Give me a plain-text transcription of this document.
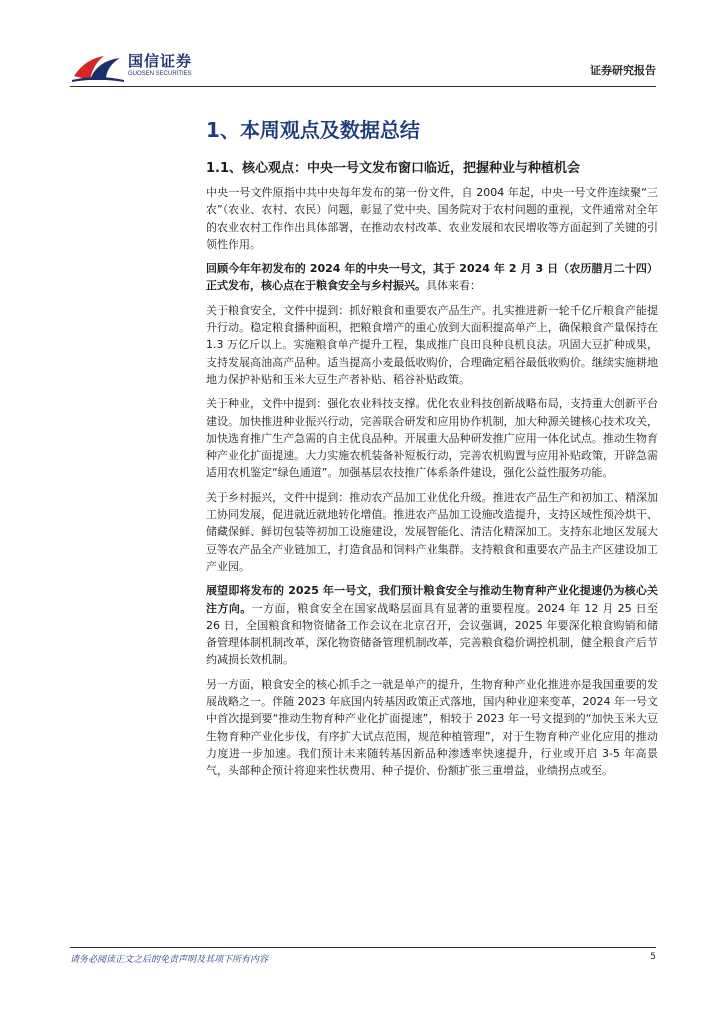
国信证券
GUOSEN SECURITIES	证券研究报告
1、本周观点及数据总结
1.1、核心观点：中央一号文发布窗口临近，把握种业与种植机会

中央一号文件原指中共中央每年发布的第一份文件，自 2004 年起，中央一号文件连续聚“三农”（农业、农村、农民）问题，彰显了党中央、国务院对于农村问题的重视，文件通常对全年的农业农村工作作出具体部署，在推动农村改革、农业发展和农民增收等方面起到了关键的引领性作用。

回顾今年年初发布的 2024 年的中央一号文，其于 2024 年 2 月 3 日（农历腊月二十四）正式发布，核心点在于粮食安全与乡村振兴。具体来看：

关于粮食安全，文件中提到：抓好粮食和重要农产品生产。扎实推进新一轮千亿斤粮食产能提升行动。稳定粮食播种面积，把粮食增产的重心放到大面积提高单产上，确保粮食产量保持在 1.3 万亿斤以上。实施粮食单产提升工程，集成推广良田良种良机良法。巩固大豆扩种成果，支持发展高油高产品种。适当提高小麦最低收购价，合理确定稻谷最低收购价。继续实施耕地地力保护补贴和玉米大豆生产者补贴、稻谷补贴政策。

关于种业，文件中提到：强化农业科技支撑。优化农业科技创新战略布局，支持重大创新平台建设。加快推进种业振兴行动，完善联合研发和应用协作机制，加大种源关键核心技术攻关，加快选育推广生产急需的自主优良品种。开展重大品种研发推广应用一体化试点。推动生物育种产业化扩面提速。大力实施农机装备补短板行动，完善农机购置与应用补贴政策，开辟急需适用农机鉴定“绿色通道”。加强基层农技推广体系条件建设，强化公益性服务功能。

关于乡村振兴，文件中提到：推动农产品加工业优化升级。推进农产品生产和初加工、精深加工协同发展，促进就近就地转化增值。推进农产品加工设施改造提升，支持区域性预冷烘干、储藏保鲜、鲜切包装等初加工设施建设，发展智能化、清洁化精深加工。支持东北地区发展大豆等农产品全产业链加工，打造食品和饲料产业集群。支持粮食和重要农产品主产区建设加工产业园。

展望即将发布的 2025 年一号文，我们预计粮食安全与推动生物育种产业化提速仍为核心关注方向。一方面，粮食安全在国家战略层面具有显著的重要程度。2024 年 12 月 25 日至 26 日，全国粮食和物资储备工作会议在北京召开，会议强调，2025 年要深化粮食购销和储备管理体制机制改革，深化物资储备管理机制改革，完善粮食稳价调控机制，健全粮食产后节约减损长效机制。

另一方面，粮食安全的核心抓手之一就是单产的提升，生物育种产业化推进亦是我国重要的发展战略之一。伴随 2023 年底国内转基因政策正式落地，国内种业迎来变革，2024 年一号文中首次提到要“推动生物育种产业化扩面提速”，相较于 2023 年一号文提到的“加快玉米大豆生物育种产业化步伐，有序扩大试点范围，规范种植管理”，对于生物育种产业化应用的推动力度进一步加速。我们预计未来随转基因新品种渗透率快速提升，行业或开启 3-5 年高景气，头部种企预计将迎来性状费用、种子提价、份额扩张三重增益，业绩拐点或至。

请务必阅读正文之后的免责声明及其项下所有内容	5
